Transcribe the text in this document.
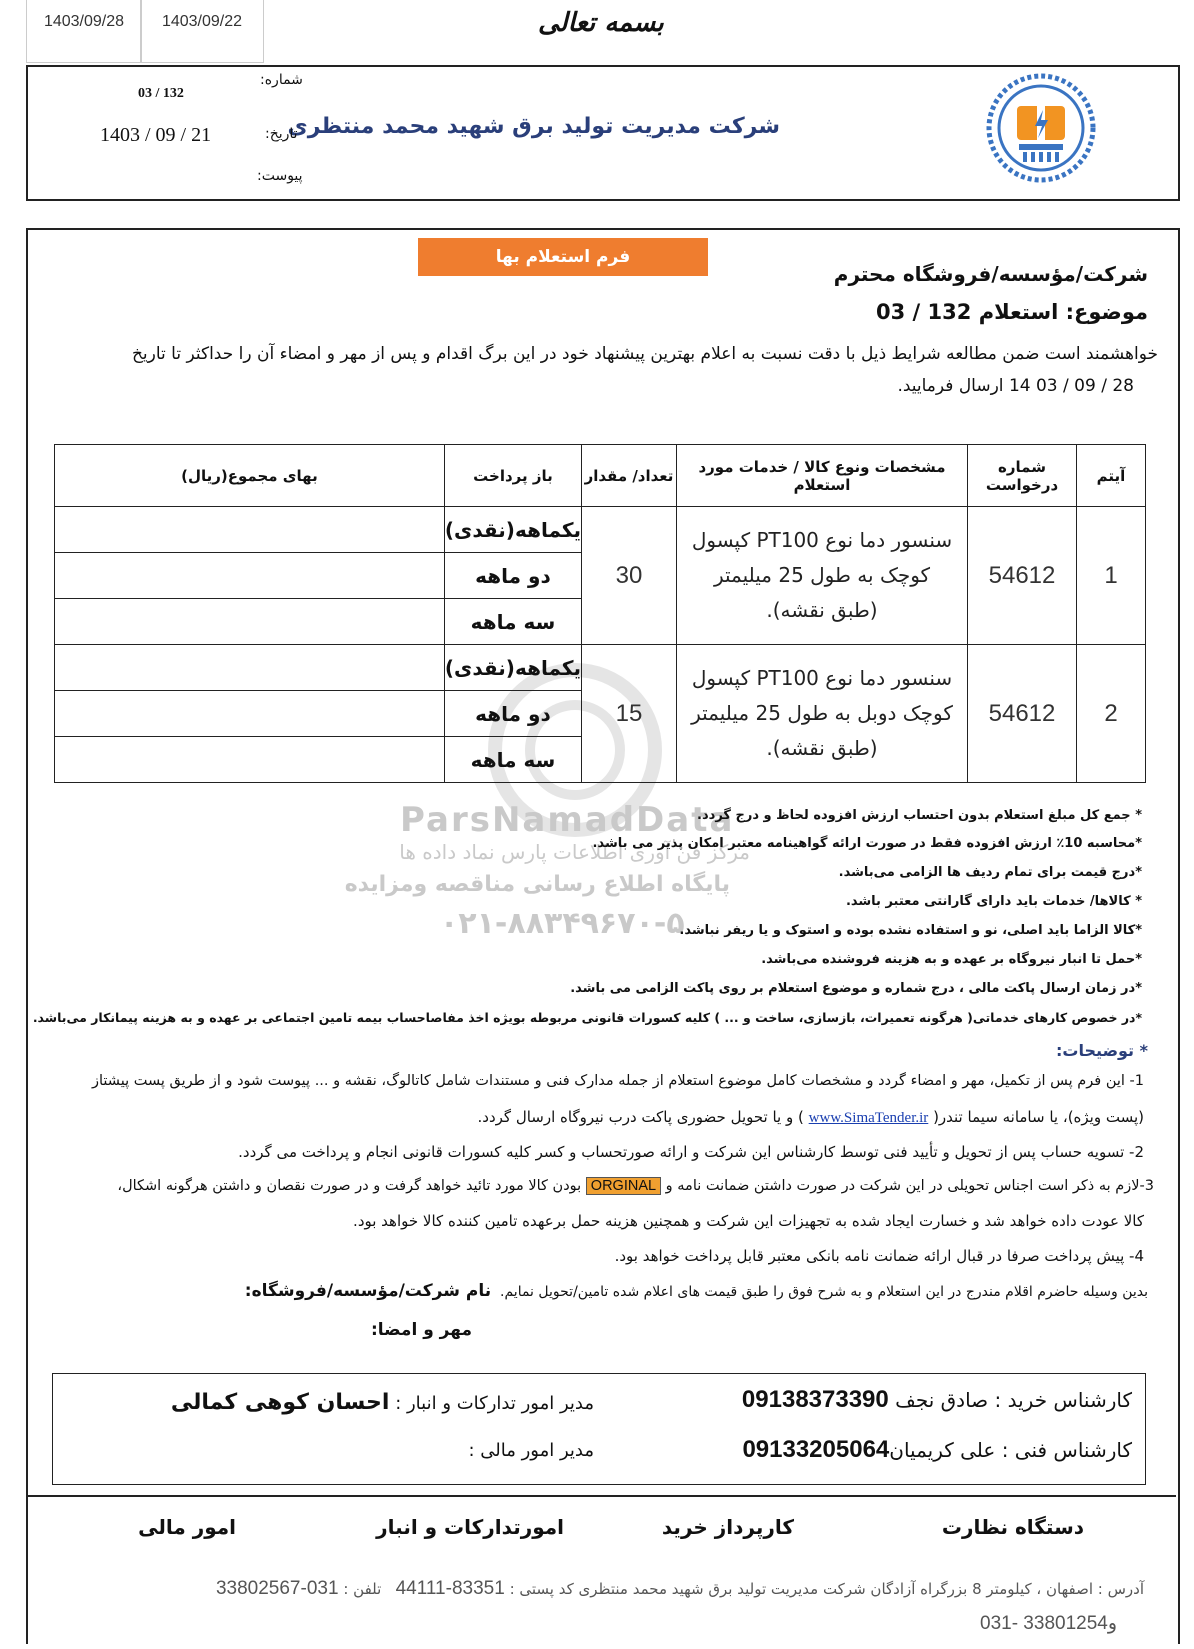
1403/09/28	1403/09/22	بسمه تعالی
شرکت مدیریت تولید برق شهید محمد منتظری
شماره:
03 / 132
تاریخ:
1403 / 09 / 21
پیوست:
ParsNamadData
مرکز فن آوری اطلاعات پارس نماد داده ها
پایگاه اطلاع رسانی مناقصه ومزایده
۰۲۱-۸۸۳۴۹۶۷۰-۵
فرم استعلام بها
شرکت/مؤسسه/فروشگاه محترم
موضوع: استعلام 132 / 03
خواهشمند است ضمن مطالعه شرایط ذیل با دقت نسبت به اعلام بهترین پیشنهاد خود در این برگ اقدام و پس از مهر و امضاء آن را حداکثر تا تاریخ
28 / 09 / 03 14 ارسال فرمایید.
آیتم	شماره درخواست	مشخصات ونوع کالا / خدمات مورد استعلام	تعداد/ مقدار	باز پرداخت	بهای مجموع(ریال)
1	54612	سنسور دما نوع PT100 کپسول
کوچک به طول 25 میلیمتر
(طبق نقشه).	30	یکماهه(نقدی)	
				دو ماهه	
				سه ماهه	
2	54612	سنسور دما نوع PT100 کپسول
کوچک دوبل به طول 25 میلیمتر
(طبق نقشه).	15	یکماهه(نقدی)	
				دو ماهه	
				سه ماهه	
* جمع کل مبلغ استعلام بدون احتساب ارزش افزوده لحاظ و درج گردد.
*محاسبه 10٪ ارزش افزوده فقط در صورت ارائه گواهینامه معتبر امکان پذیر می باشد.
*درج قیمت برای تمام ردیف ها الزامی می‌باشد.
* کالاها/ خدمات باید دارای گارانتی معتبر باشد.
*کالا الزاما باید اصلی، نو و استفاده نشده بوده و استوک و یا ریفر نباشد.
*حمل تا انبار نیروگاه بر عهده و به هزینه فروشنده می‌باشد.
*در زمان ارسال پاکت مالی ، درج شماره و موضوع استعلام بر روی پاکت الزامی می باشد.
*در خصوص کارهای خدماتی( هرگونه تعمیرات، بازسازی، ساخت و ... ) کلیه کسورات قانونی مربوطه بویژه اخذ مفاصاحساب بیمه تامین اجتماعی بر عهده و به هزینه پیمانکار می‌باشد.
* توضیحات:
1- این فرم پس از تکمیل، مهر و امضاء گردد و مشخصات کامل موضوع استعلام از جمله مدارک فنی و مستندات شامل کاتالوگ، نقشه و ... پیوست شود و از طریق پست پیشتاز
(پست ویژه)، یا سامانه سیما تندر( www.SimaTender.ir ) و یا تحویل حضوری پاکت درب نیروگاه ارسال گردد.
2- تسویه حساب پس از تحویل و تأیید فنی توسط کارشناس این شرکت و ارائه صورتحساب و کسر کلیه کسورات قانونی انجام و پرداخت می گردد.
3-لازم به ذکر است اجناس تحویلی در این شرکت در صورت داشتن ضمانت نامه و ORGINAL بودن کالا مورد تائید خواهد گرفت و در صورت نقصان و داشتن هرگونه اشکال،
کالا عودت داده خواهد شد و خسارت ایجاد شده به تجهیزات این شرکت و همچنین هزینه حمل برعهده تامین کننده کالا خواهد بود.
4- پیش پرداخت صرفا در قبال ارائه ضمانت نامه بانکی معتبر قابل پرداخت خواهد بود.
بدین وسیله حاضرم اقلام مندرج در این استعلام و به شرح فوق را طبق قیمت های اعلام شده تامین/تحویل نمایم.  نام شرکت/مؤسسه/فروشگاه:
مهر و امضا:
کارشناس خرید : صادق نجف 09138373390
کارشناس فنی : علی کریمیان09133205064
مدیر امور تدارکات و انبار : احسان کوهی کمالی
مدیر امور مالی :
دستگاه نظارت
کارپرداز خرید
امورتدارکات و انبار
امور مالی
آدرس : اصفهان ، کیلومتر 8 بزرگراه آزادگان شرکت مدیریت تولید برق شهید محمد منتظری کد پستی : 83351-44111   تلفن : 031-33802567
031- 33801254و
